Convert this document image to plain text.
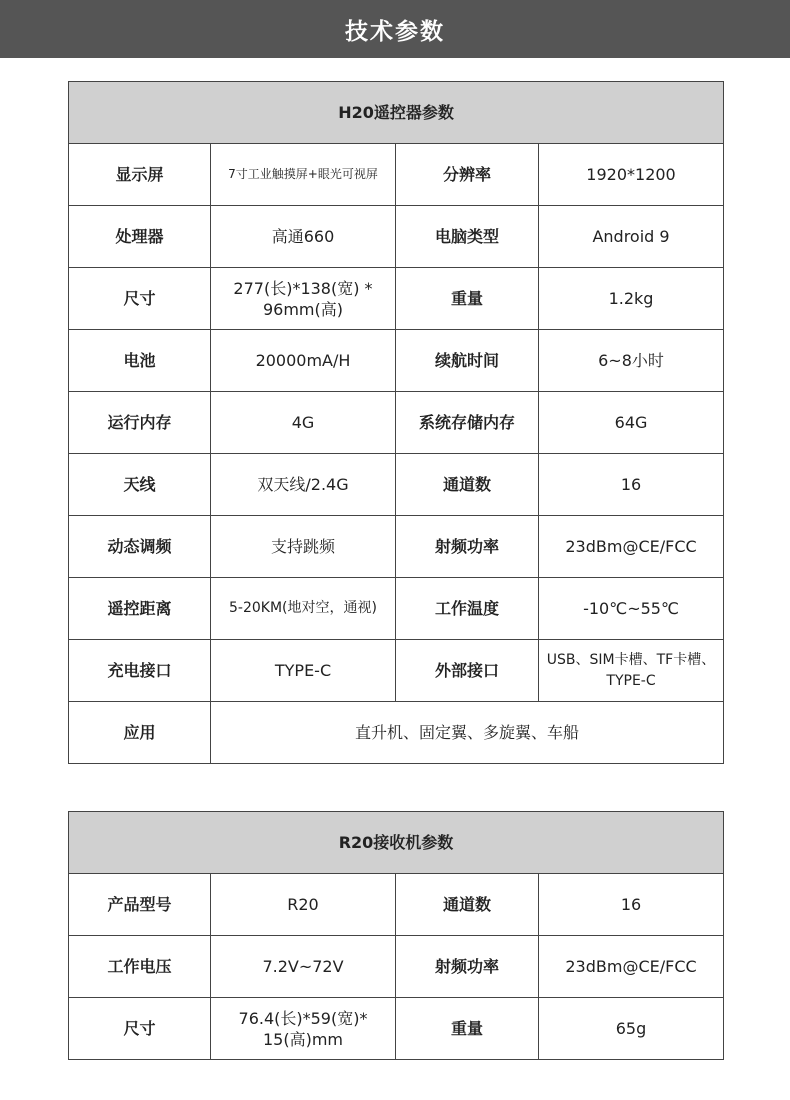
技术参数
H20遥控器参数			
显示屏	7寸工业触摸屏+眼光可视屏	分辨率	1920*1200
处理器	高通660	电脑类型	Android 9
尺寸	277(长)*138(宽) * 96mm(高)	重量	1.2kg
电池	20000mA/H	续航时间	6~8小时
运行内存	4G	系统存储内存	64G
天线	双天线/2.4G	通道数	16
动态调频	支持跳频	射频功率	23dBm@CE/FCC
遥控距离	5-20KM(地对空，通视)	工作温度	-10℃~55℃
充电接口	TYPE-C	外部接口	USB、SIM卡槽、TF卡槽、TYPE-C
应用	直升机、固定翼、多旋翼、车船		
R20接收机参数			
产品型号	R20	通道数	16
工作电压	7.2V~72V	射频功率	23dBm@CE/FCC
尺寸	76.4(长)*59(宽)* 15(高)mm	重量	65g
